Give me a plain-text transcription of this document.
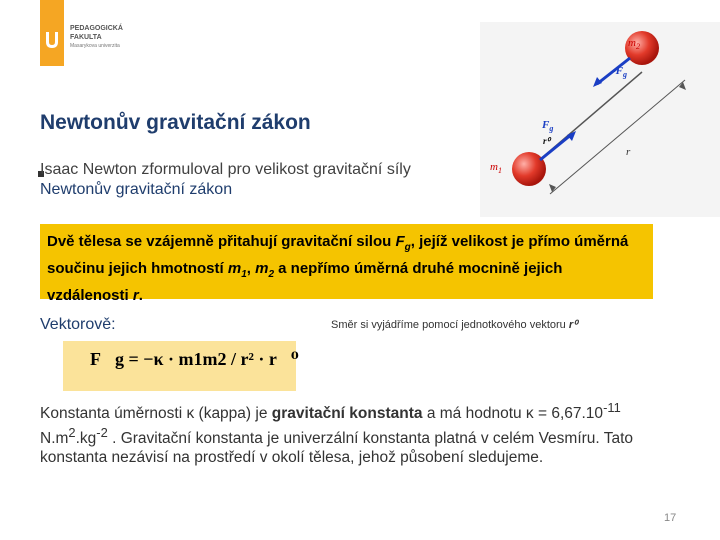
PEDAGOGICKÁ
FAKULTA
Masarykova univerzita
Newtonův gravitační zákon
Isaac Newton zformuloval pro velikost gravitační síly
Newtonův gravitační zákon
Dvě tělesa se vzájemně přitahují gravitační silou $F_g$, jejíž velikost je přímo úměrná součinu jejich hmotností $m_1$, $m_2$ a nepřímo úměrná druhé mocnině jejich vzdálenosti r.
Vektorově:	Směr si vyjádříme pomocí jednotkového vektoru r⁰
F⃗g = −κ · m1m2 / r² · r⃗⁰
Konstanta úměrnosti κ (kappa) je gravitační konstanta a má hodnotu $\kappa = 6,67.10^{-11}$ $N.m^2.kg^{-2}$ . Gravitační konstanta je univerzální konstanta platná v celém Vesmíru. Tato konstanta nezávisí na prostředí v okolí tělesa, jehož působení sledujeme.
$m_2$
$m_1$
$-F_g$
$F_g$
r⁰
r
17
